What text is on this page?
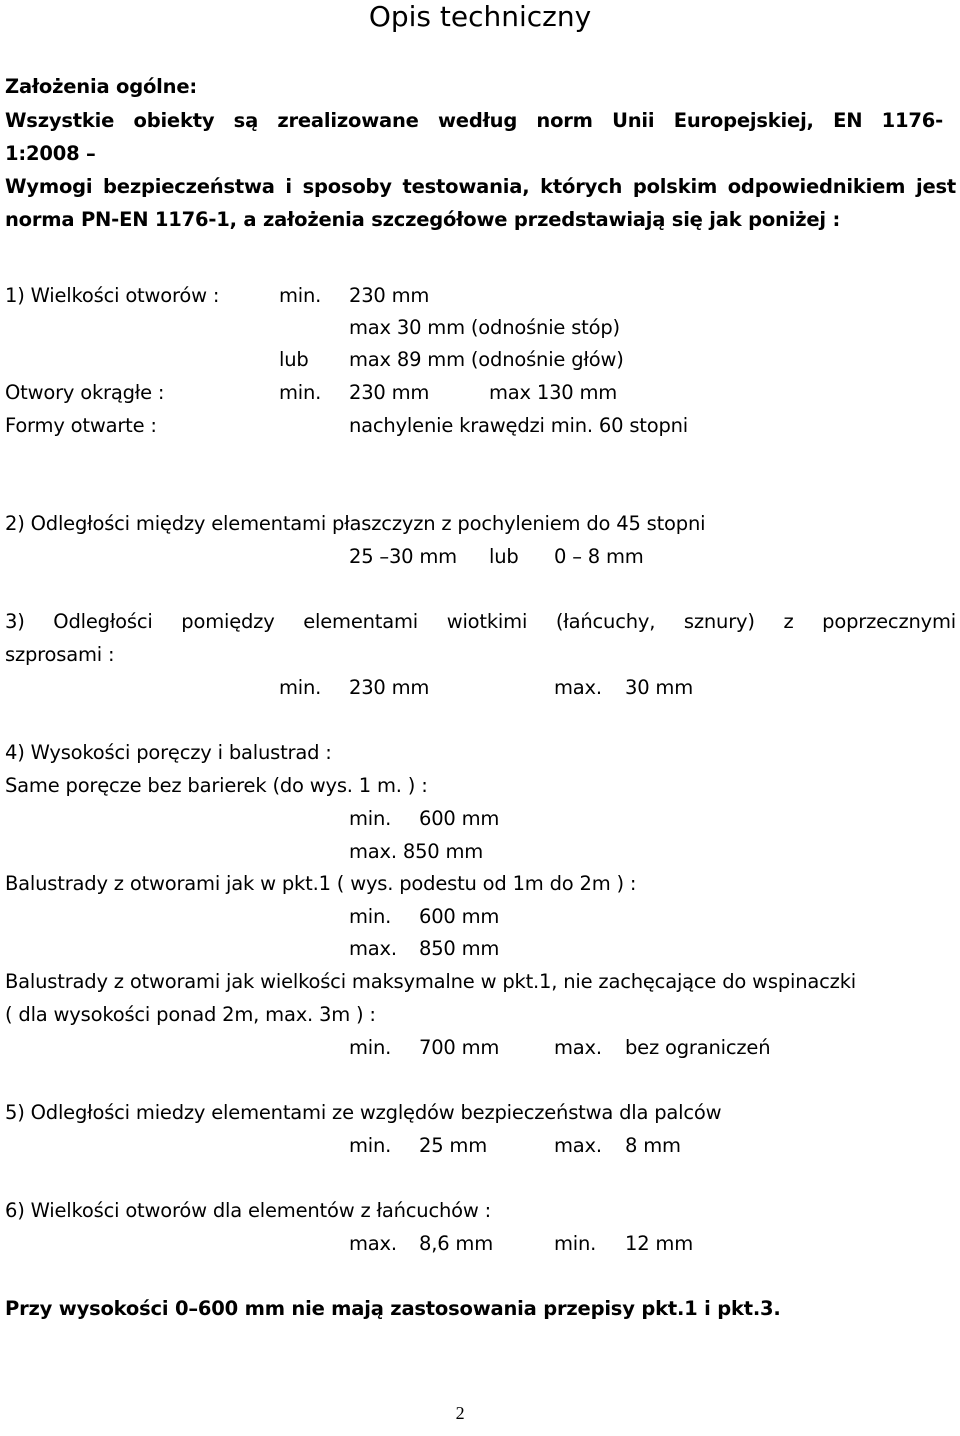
Opis techniczny
Założenia ogólne:
Wszystkie obiekty są zrealizowane według norm Unii Europejskiej, EN 1176-
1:2008 –
Wymogi bezpieczeństwa i sposoby testowania, których polskim odpowiednikiem jest
norma PN-EN 1176-1, a założenia szczegółowe przedstawiają się jak poniżej :
1) Wielkości otworów :	min. 230 mm
max 30 mm (odnośnie stóp)
lub max 89 mm (odnośnie głów)
Otwory okrągłe :	min. 230 mm	max 130 mm
Formy otwarte :	nachylenie krawędzi min. 60 stopni
2) Odległości między elementami płaszczyzn z pochyleniem do 45 stopni
25 –30 mm lub 0 – 8 mm
3) Odległości pomiędzy elementami wiotkimi (łańcuchy, sznury) z poprzecznymi
szprosami :
min. 230 mm	max. 30 mm
4) Wysokości poręczy i balustrad :
Same poręcze bez barierek (do wys. 1 m. ) :
min. 600 mm
max. 850 mm
Balustrady z otworami jak w pkt.1 ( wys. podestu od 1m do 2m ) :
min. 600 mm
max. 850 mm
Balustrady z otworami jak wielkości maksymalne w pkt.1, nie zachęcające do wspinaczki
( dla wysokości ponad 2m, max. 3m ) :
min. 700 mm	max. bez ograniczeń
5) Odległości miedzy elementami ze względów bezpieczeństwa dla palców
min. 25 mm	max. 8 mm
6) Wielkości otworów dla elementów z łańcuchów :
max. 8,6 mm	min. 12 mm
Przy wysokości 0–600 mm nie mają zastosowania przepisy pkt.1 i pkt.3.
2
